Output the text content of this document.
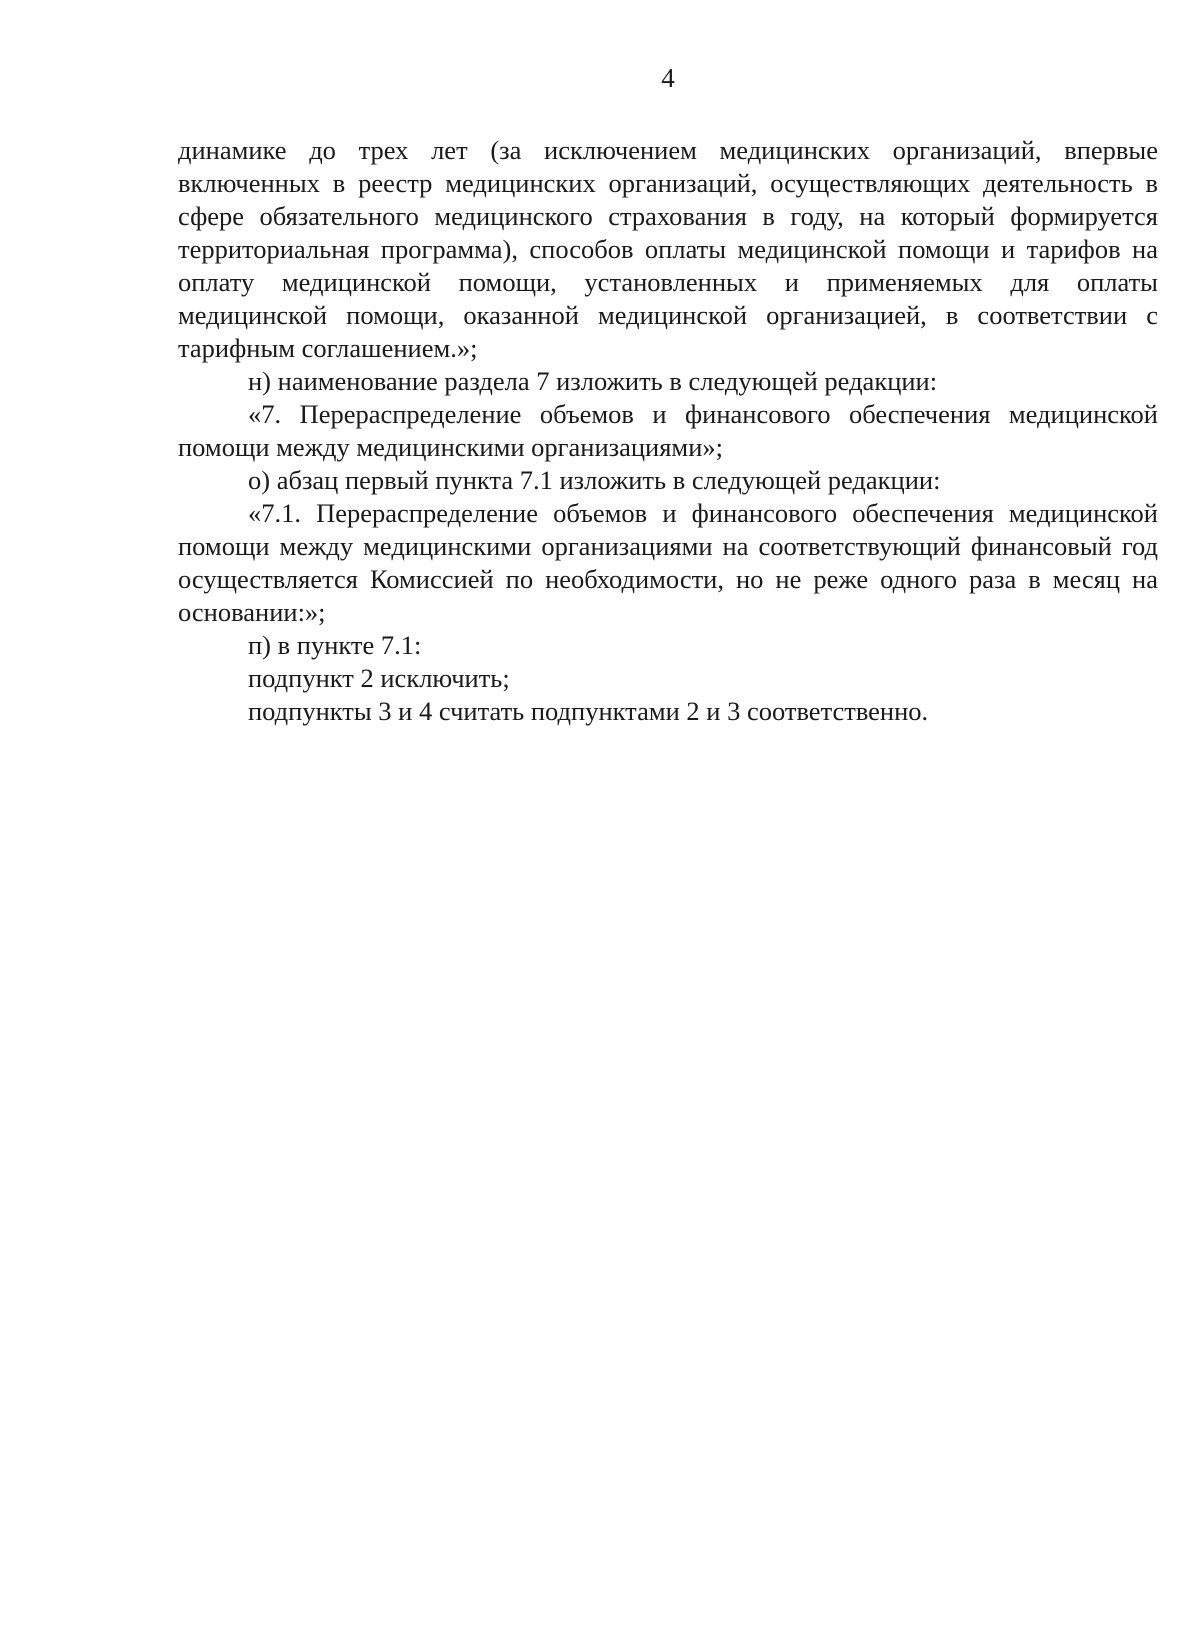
4

динамике до трех лет (за исключением медицинских организаций, впервые включенных в реестр медицинских организаций, осуществляющих деятельность в сфере обязательного медицинского страхования в году, на который формируется территориальная программа), способов оплаты медицинской помощи и тарифов на оплату медицинской помощи, установленных и применяемых для оплаты медицинской помощи, оказанной медицинской организацией, в соответствии с тарифным соглашением.»;

н) наименование раздела 7 изложить в следующей редакции:

«7. Перераспределение объемов и финансового обеспечения медицинской помощи между медицинскими организациями»;

о) абзац первый пункта 7.1 изложить в следующей редакции:

«7.1. Перераспределение объемов и финансового обеспечения медицинской помощи между медицинскими организациями на соответствующий финансовый год осуществляется Комиссией по необходимости, но не реже одного раза в месяц на основании:»;

п) в пункте 7.1:

подпункт 2 исключить;

подпункты 3 и 4 считать подпунктами 2 и 3 соответственно.
